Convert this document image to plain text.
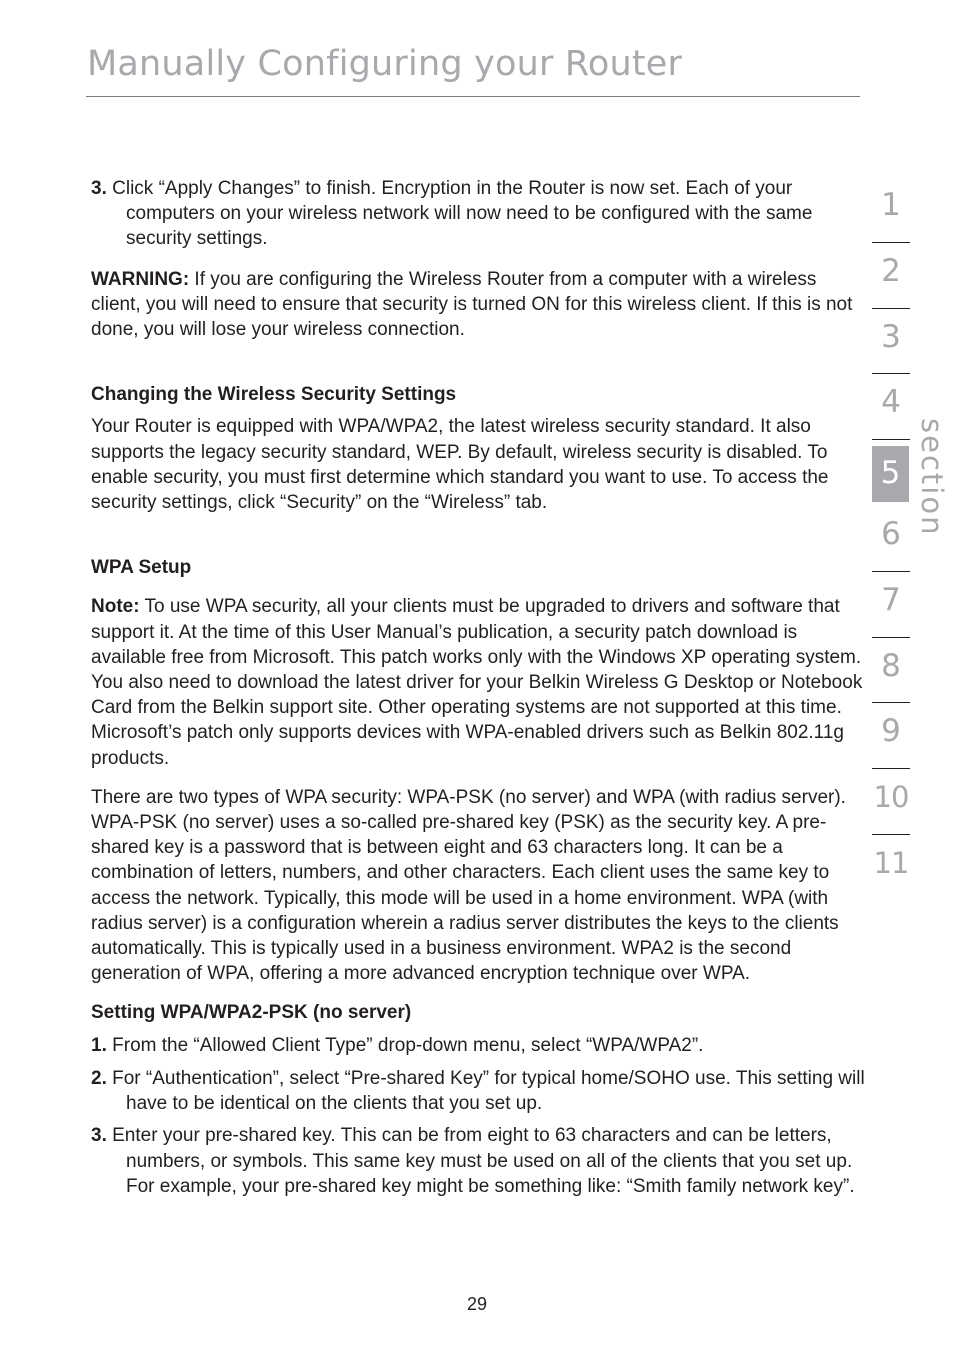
Manually Configuring your Router

3. Click “Apply Changes” to finish. Encryption in the Router is now set. Each of your computers on your wireless network will now need to be configured with the same security settings.

WARNING: If you are configuring the Wireless Router from a computer with a wireless client, you will need to ensure that security is turned ON for this wireless client. If this is not done, you will lose your wireless connection.

Changing the Wireless Security Settings

Your Router is equipped with WPA/WPA2, the latest wireless security standard. It also supports the legacy security standard, WEP. By default, wireless security is disabled. To enable security, you must first determine which standard you want to use. To access the security settings, click “Security” on the “Wireless” tab.

WPA Setup

Note: To use WPA security, all your clients must be upgraded to drivers and software that support it. At the time of this User Manual’s publication, a security patch download is available free from Microsoft. This patch works only with the Windows XP operating system. You also need to download the latest driver for your Belkin Wireless G Desktop or Notebook Card from the Belkin support site. Other operating systems are not supported at this time. Microsoft’s patch only supports devices with WPA-enabled drivers such as Belkin 802.11g products.

There are two types of WPA security: WPA-PSK (no server) and WPA (with radius server). WPA-PSK (no server) uses a so-called pre-shared key (PSK) as the security key. A pre-shared key is a password that is between eight and 63 characters long. It can be a combination of letters, numbers, and other characters. Each client uses the same key to access the network. Typically, this mode will be used in a home environment. WPA (with radius server) is a configuration wherein a radius server distributes the keys to the clients automatically. This is typically used in a business environment. WPA2 is the second generation of WPA, offering a more advanced encryption technique over WPA.

Setting WPA/WPA2-PSK (no server)

1. From the “Allowed Client Type” drop-down menu, select “WPA/WPA2”.

2. For “Authentication”, select “Pre-shared Key” for typical home/SOHO use. This setting will have to be identical on the clients that you set up.

3. Enter your pre-shared key. This can be from eight to 63 characters and can be letters, numbers, or symbols. This same key must be used on all of the clients that you set up. For example, your pre-shared key might be something like: “Smith family network key”.

1
2
3
4
5
6
7
8
9
10
11
section
29
